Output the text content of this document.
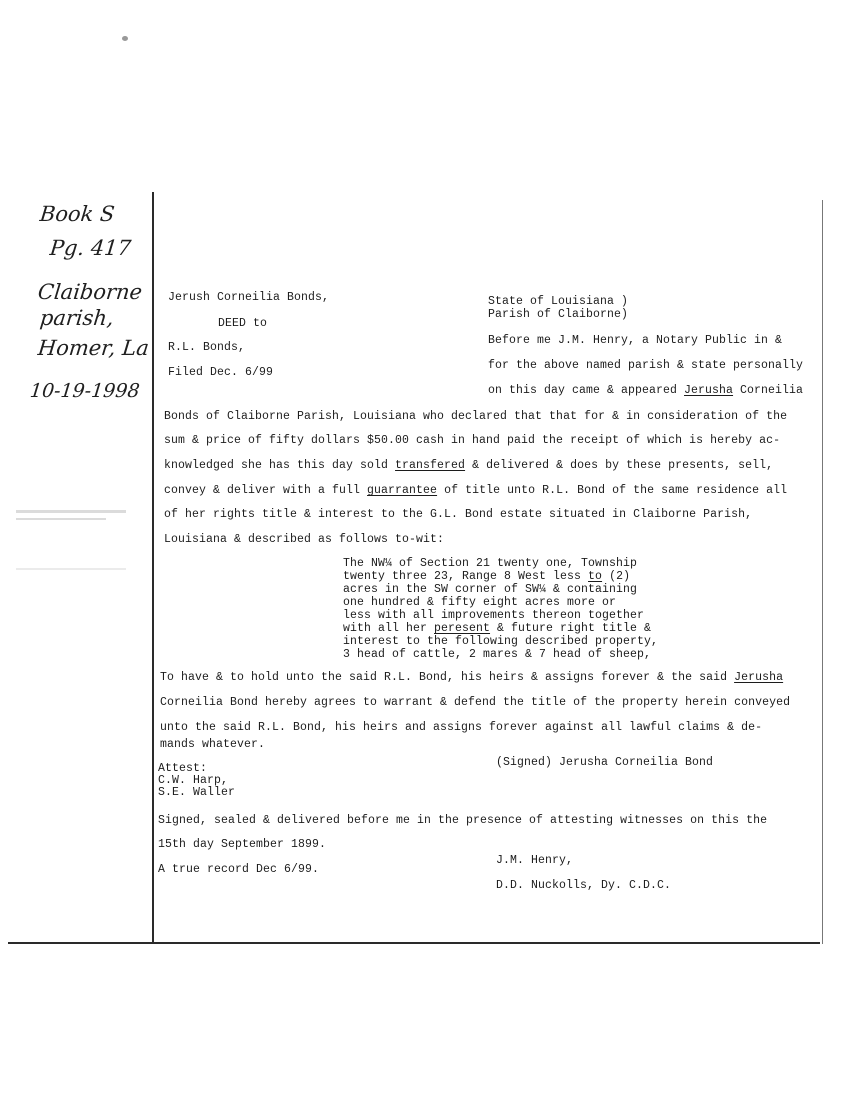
Book S
Pg. 417
Claiborne
parish,
Homer, La
10-19-1998
Jerush Corneilia Bonds,
DEED to
R.L. Bonds,
Filed Dec. 6/99
State of Louisiana )
Parish of Claiborne)
Before me J.M. Henry, a Notary Public in &
for the above named parish & state personally
on this day came & appeared Jerusha Corneilia
Bonds of Claiborne Parish, Louisiana who declared that that for & in consideration of the
sum & price of fifty dollars $50.00 cash in hand paid the receipt of which is hereby ac-
knowledged she has this day sold transfered & delivered & does by these presents, sell,
convey & deliver with a full guarrantee of title unto R.L. Bond of the same residence all
of her rights title & interest to the G.L. Bond estate situated in Claiborne Parish,
Louisiana & described as follows to-wit:
The NW¼ of Section 21 twenty one, Township
twenty three 23, Range 8 West less to (2)
acres in the SW corner of SW¼ & containing
one hundred & fifty eight acres more or
less with all improvements thereon together
with all her peresent & future right title &
interest to the following described property,
3 head of cattle, 2 mares & 7 head of sheep,
To have & to hold unto the said R.L. Bond, his heirs & assigns forever & the said Jerusha
Corneilia Bond hereby agrees to warrant & defend the title of the property herein conveyed
unto the said R.L. Bond, his heirs and assigns forever against all lawful claims & de-
mands whatever.
(Signed) Jerusha Corneilia Bond
Attest:
C.W. Harp,
S.E. Waller
Signed, sealed & delivered before me in the presence of attesting witnesses on this the
15th day September 1899.
A true record Dec 6/99.
J.M. Henry,
D.D. Nuckolls, Dy. C.D.C.
